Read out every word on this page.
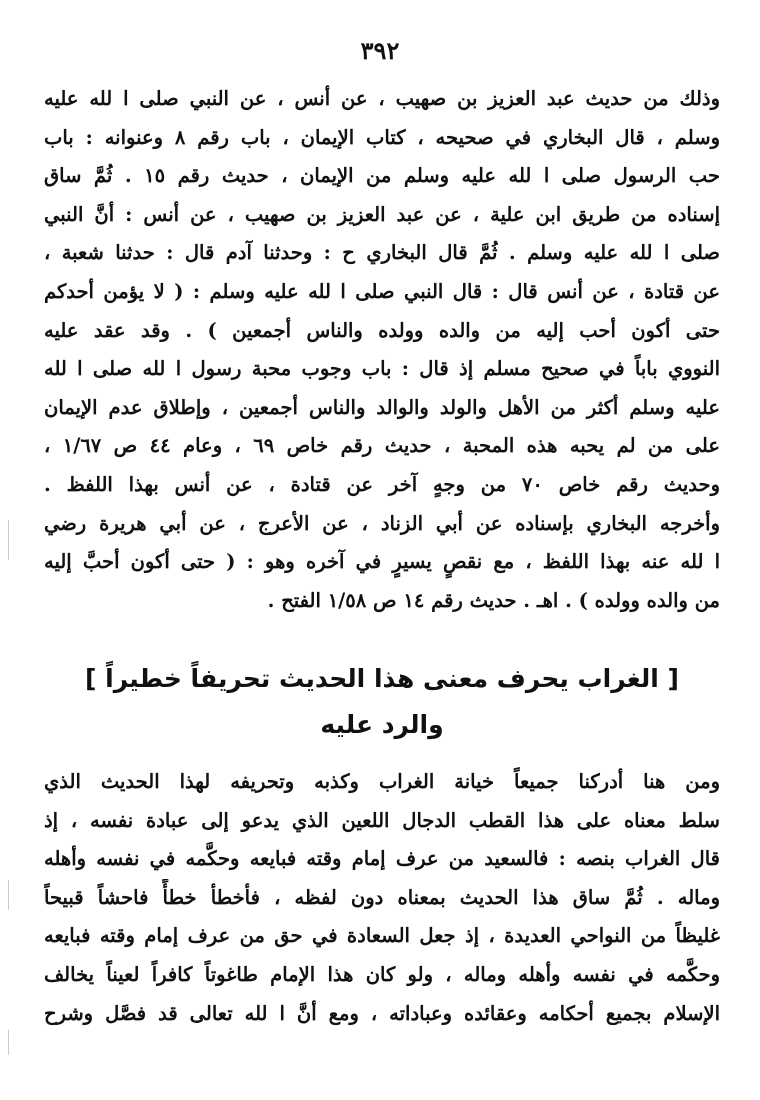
٣٩٢
وذلك من حديث عبد العزيز بن صهيب ، عن أنس ، عن النبي صلى ا لله عليه
وسلم ، قال البخاري في صحيحه ، كتاب الإيمان ، باب رقم ٨ وعنوانه : باب
حب الرسول صلى ا لله عليه وسلم من الإيمان ، حديث رقم ١٥ . ثُمَّ ساق
إسناده من طريق ابن علية ، عن عبد العزيز بن صهيب ، عن أنس : أنَّ النبي
صلى ا لله عليه وسلم . ثُمَّ قال البخاري ح : وحدثنا آدم قال : حدثنا شعبة ،
عن قتادة ، عن أنس قال : قال النبي صلى ا لله عليه وسلم : ( لا يؤمن أحدكم
حتى أكون أحب إليه من والده وولده والناس أجمعين ) . وقد عقد عليه
النووي باباً في صحيح مسلم إذ قال : باب وجوب محبة رسول ا لله صلى ا لله
عليه وسلم أكثر من الأهل والولد والوالد والناس أجمعين ، وإطلاق عدم الإيمان
على من لم يحبه هذه المحبة ، حديث رقم خاص ٦٩ ، وعام ٤٤ ص ١/٦٧ ،
وحديث رقم خاص ٧٠ من وجهٍ آخر عن قتادة ، عن أنس بهذا اللفظ .
وأخرجه البخاري بإسناده عن أبي الزناد ، عن الأعرج ، عن أبي هريرة رضي
ا لله عنه بهذا اللفظ ، مع نقصٍ يسيرٍ في آخره وهو : ( حتى أكون أحبَّ إليه
من والده وولده ) . اهـ . حديث رقم ١٤ ص ١/٥٨ الفتح .
[ الغراب يحرف معنى هذا الحديث تحريفاً خطيراً ]
والرد عليه
ومن هنا أدركنا جميعاً خيانة الغراب وكذبه وتحريفه لهذا الحديث الذي
سلط معناه على هذا القطب الدجال اللعين الذي يدعو إلى عبادة نفسه ، إذ
قال الغراب بنصه : فالسعيد من عرف إمام وقته فبايعه وحكَّمه في نفسه وأهله
وماله . ثُمَّ ساق هذا الحديث بمعناه دون لفظه ، فأخطأ خطأً فاحشاً قبيحاً
غليظاً من النواحي العديدة ، إذ جعل السعادة في حق من عرف إمام وقته فبايعه
وحكَّمه في نفسه وأهله وماله ، ولو كان هذا الإمام طاغوتاً كافراً لعيناً يخالف
الإسلام بجميع أحكامه وعقائده وعباداته ، ومع أنَّ ا لله تعالى قد فصَّل وشرح
